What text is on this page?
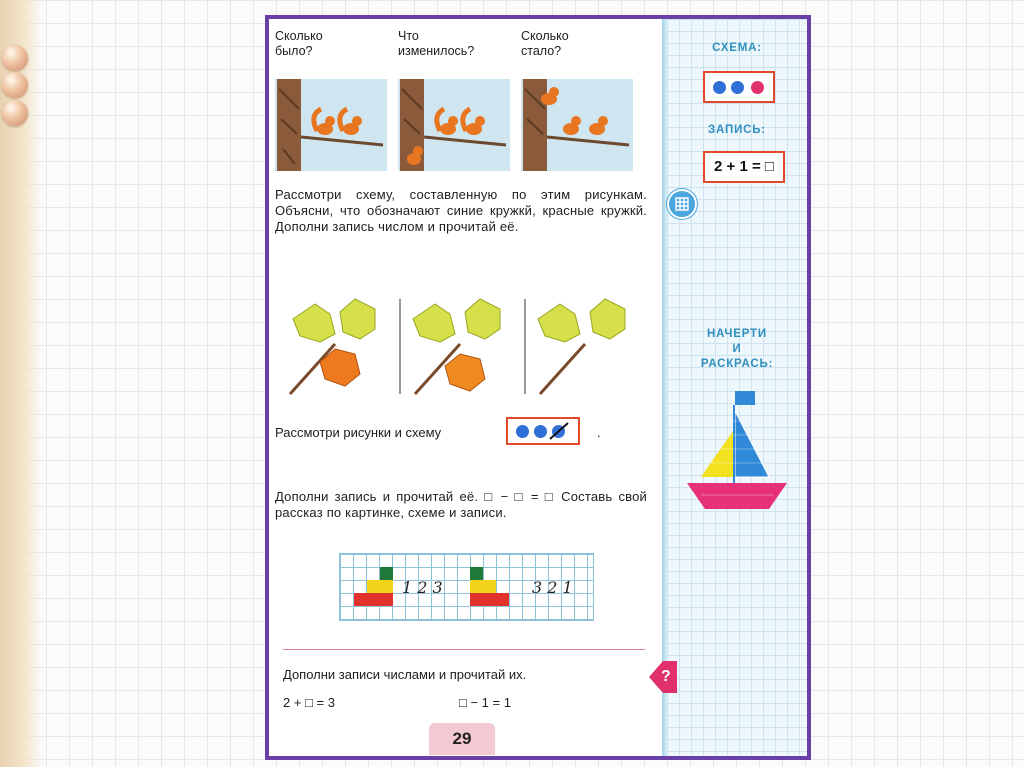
Сколько
было?

Что
изменилось?

Сколько
стало?

Рассмотри схему, составленную по этим рисункам. Объясни, что обозначают синие кружкй, красные кружкй. Дополни запись числом и прочитай её.

Рассмотри рисунки и схему	.

Дополни запись и прочитай её. □ − □ = □ Составь свой рассказ по картинке, схеме и записи.

1 2 3	3 2 1

Дополни записи числами и прочитай их.

2 + □ = 3	□ − 1 = 1

29
СХЕМА:
ЗАПИСЬ:
2 + 1 = □
НАЧЕРТИ
И
РАСКРАСЬ:
?
